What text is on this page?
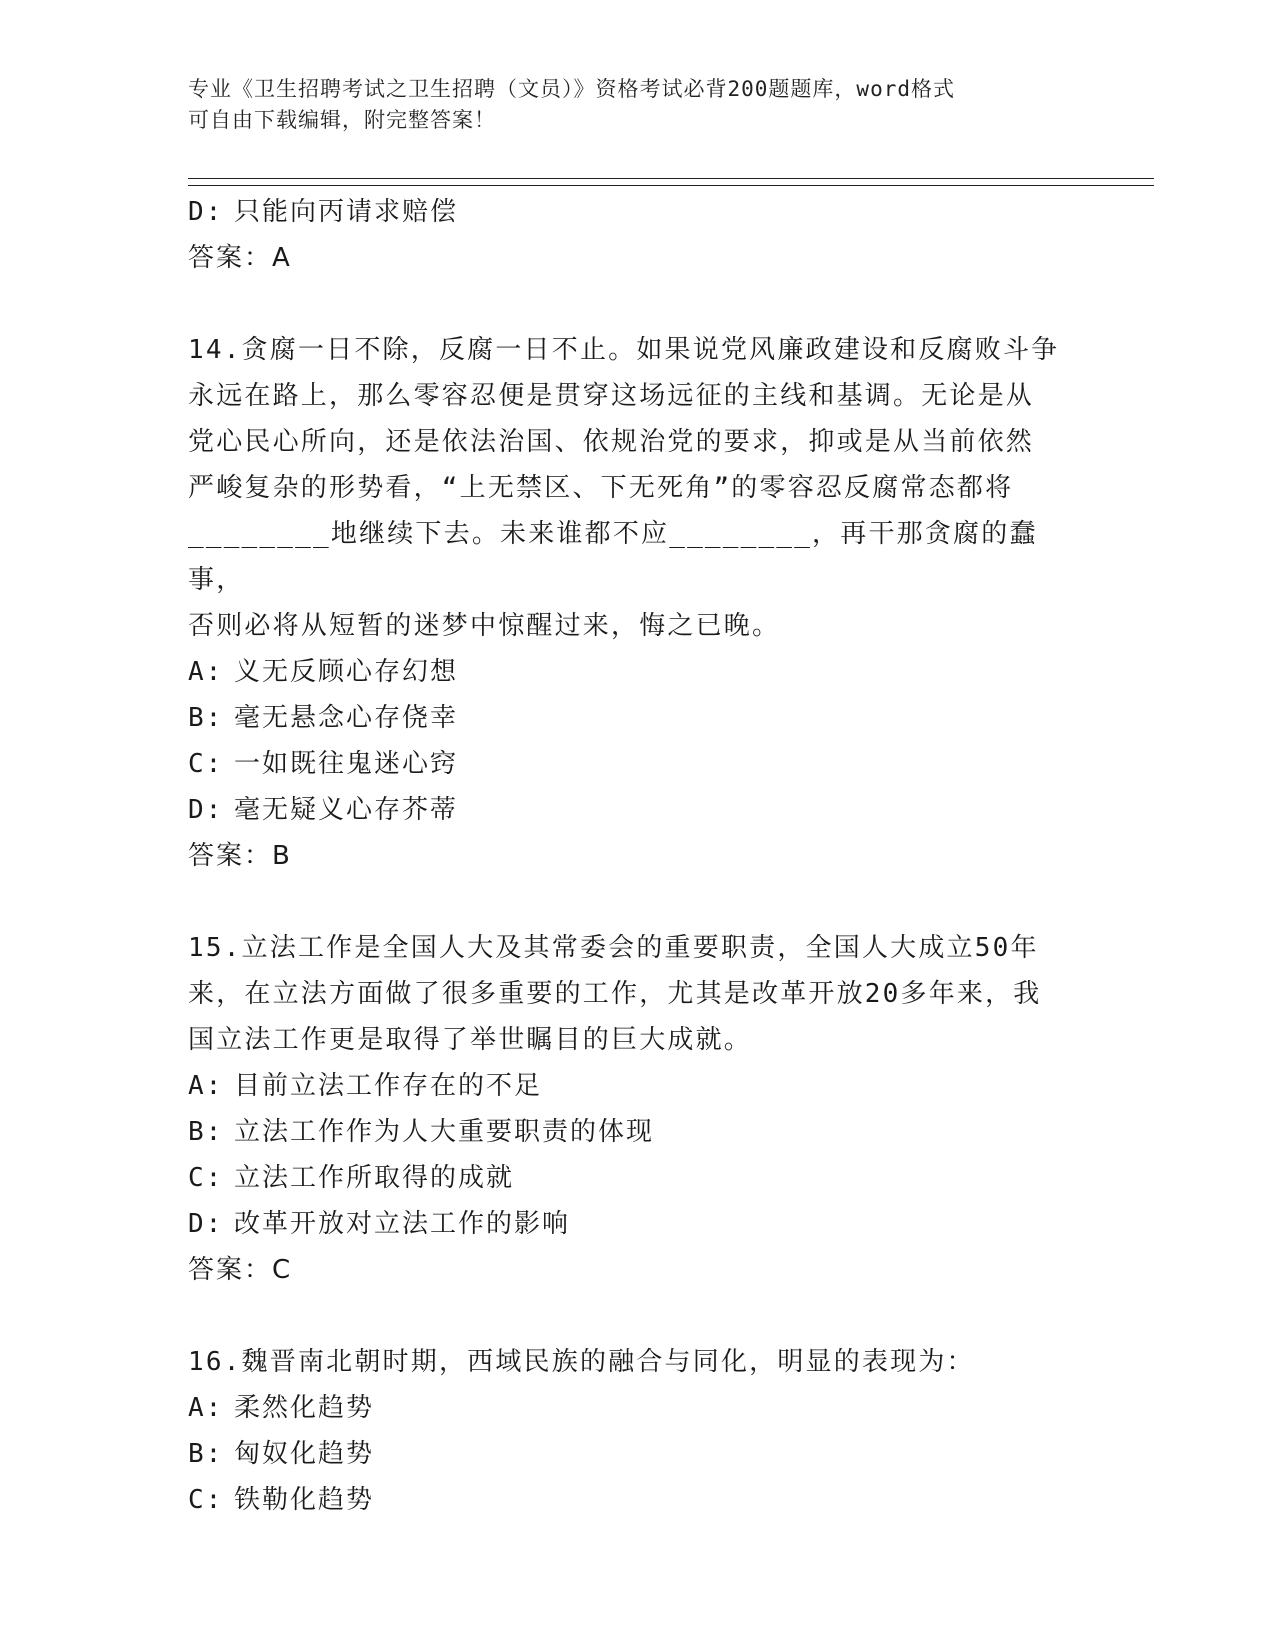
专业《卫生招聘考试之卫生招聘（文员）》资格考试必背200题题库，word格式
可自由下载编辑，附完整答案！
D: 只能向丙请求赔偿
答案：A
14.贪腐一日不除，反腐一日不止。如果说党风廉政建设和反腐败斗争
永远在路上，那么零容忍便是贯穿这场远征的主线和基调。无论是从
党心民心所向，还是依法治国、依规治党的要求，抑或是从当前依然
严峻复杂的形势看，“上无禁区、下无死角”的零容忍反腐常态都将
________地继续下去。未来谁都不应________，再干那贪腐的蠢事，
否则必将从短暂的迷梦中惊醒过来，悔之已晚。
A: 义无反顾心存幻想
B: 毫无悬念心存侥幸
C: 一如既往鬼迷心窍
D: 毫无疑义心存芥蒂
答案：B
15.立法工作是全国人大及其常委会的重要职责，全国人大成立50年
来，在立法方面做了很多重要的工作，尤其是改革开放20多年来，我
国立法工作更是取得了举世瞩目的巨大成就。
A: 目前立法工作存在的不足
B: 立法工作作为人大重要职责的体现
C: 立法工作所取得的成就
D: 改革开放对立法工作的影响
答案：C
16.魏晋南北朝时期，西域民族的融合与同化，明显的表现为：
A: 柔然化趋势
B: 匈奴化趋势
C: 铁勒化趋势
